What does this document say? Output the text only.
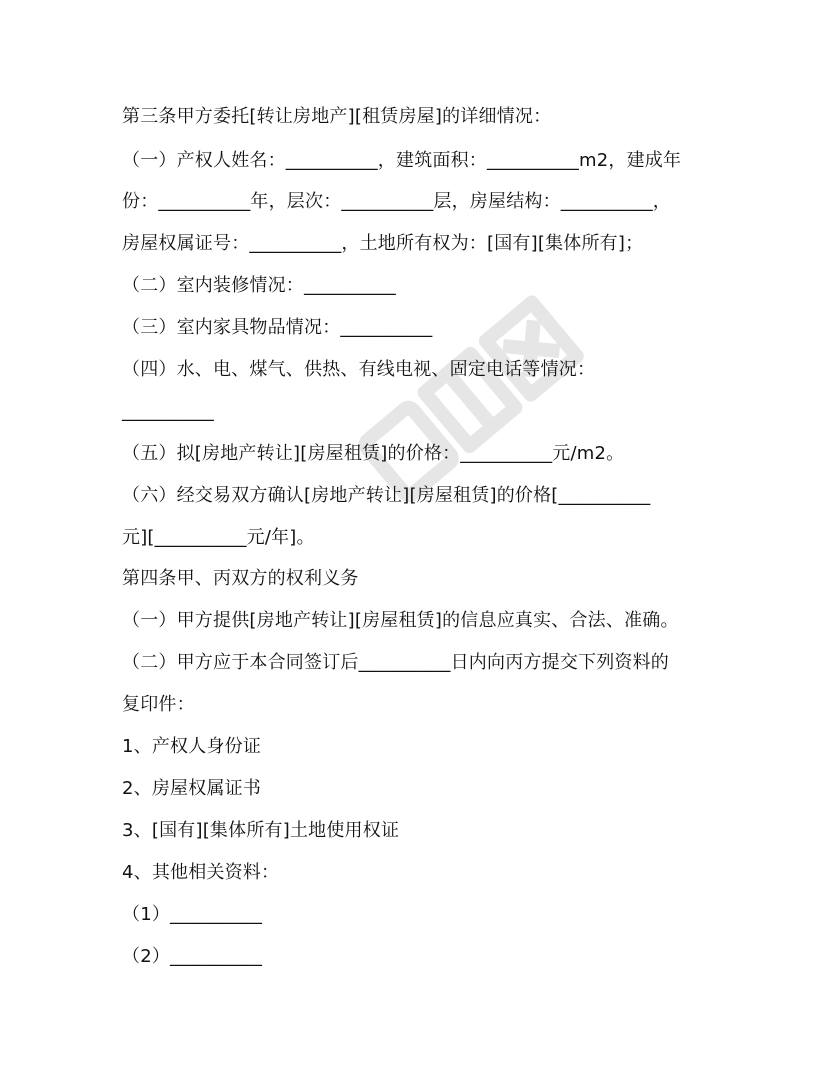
第三条甲方委托[转让房地产][租赁房屋]的详细情况：
（一）产权人姓名：__________，建筑面积：__________m2，建成年
份：__________年，层次：__________层，房屋结构：__________，
房屋权属证号：__________，土地所有权为：[国有][集体所有]；
（二）室内装修情况：__________
（三）室内家具物品情况：__________
（四）水、电、煤气、供热、有线电视、固定电话等情况：
__________
（五）拟[房地产转让][房屋租赁]的价格：__________元/m2。
（六）经交易双方确认[房地产转让][房屋租赁]的价格[__________
元][__________元/年]。
第四条甲、丙双方的权利义务
（一）甲方提供[房地产转让][房屋租赁]的信息应真实、合法、准确。
（二）甲方应于本合同签订后__________日内向丙方提交下列资料的
复印件：
1、产权人身份证
2、房屋权属证书
3、[国有][集体所有]土地使用权证
4、其他相关资料：
（1）__________
（2）__________
